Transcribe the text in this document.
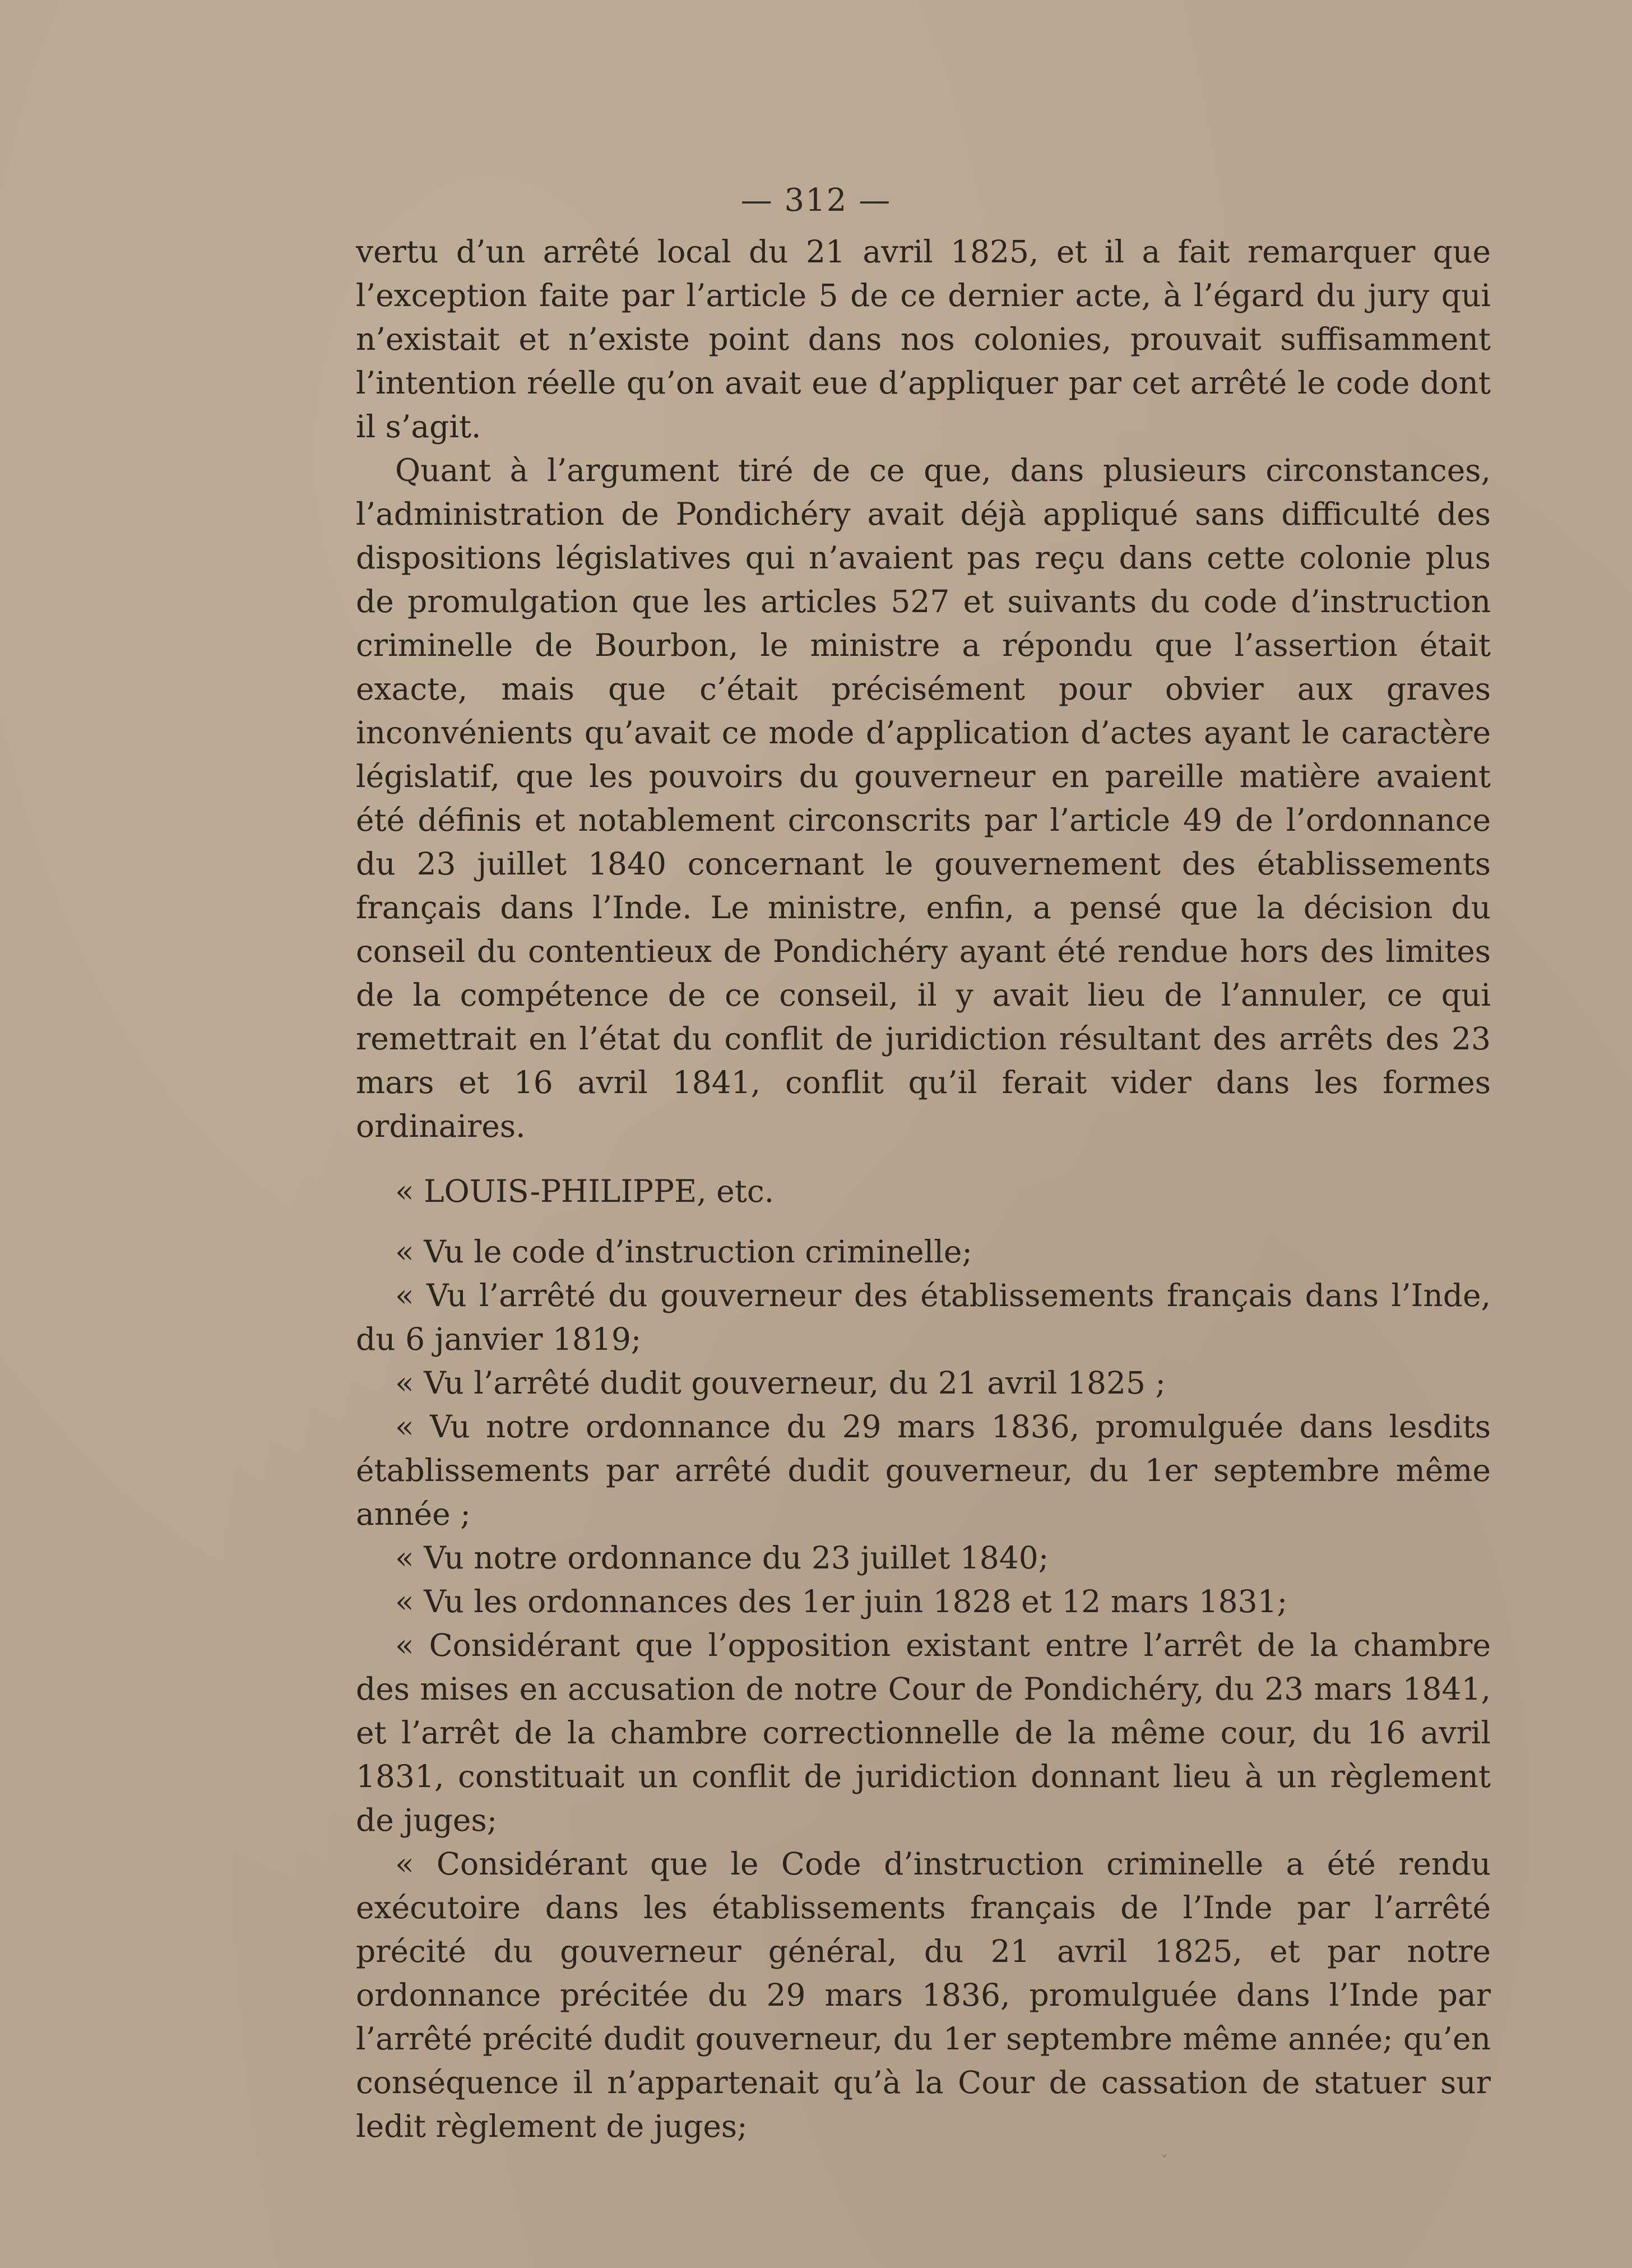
— 312 —

vertu d’un arrêté local du 21 avril 1825, et il a fait remarquer que l’exception faite par l’article 5 de ce dernier acte, à l’égard du jury qui n’existait et n’existe point dans nos colonies, prouvait suffisamment l’intention réelle qu’on avait eue d’appliquer par cet arrêté le code dont il s’agit.

Quant à l’argument tiré de ce que, dans plusieurs circonstances, l’administration de Pondichéry avait déjà appliqué sans difficulté des dispositions législatives qui n’avaient pas reçu dans cette colonie plus de promulgation que les articles 527 et suivants du code d’instruction criminelle de Bourbon, le ministre a répondu que l’assertion était exacte, mais que c’était précisément pour obvier aux graves inconvénients qu’avait ce mode d’application d’actes ayant le caractère législatif, que les pouvoirs du gouverneur en pareille matière avaient été définis et notablement circonscrits par l’article 49 de l’ordonnance du 23 juillet 1840 concernant le gouvernement des établissements français dans l’Inde. Le ministre, enfin, a pensé que la décision du conseil du contentieux de Pondichéry ayant été rendue hors des limites de la compétence de ce conseil, il y avait lieu de l’annuler, ce qui remettrait en l’état du conflit de juridiction résultant des arrêts des 23 mars et 16 avril 1841, conflit qu’il ferait vider dans les formes ordinaires.

« LOUIS-PHILIPPE, etc.

« Vu le code d’instruction criminelle;

« Vu l’arrêté du gouverneur des établissements français dans l’Inde, du 6 janvier 1819;

« Vu l’arrêté dudit gouverneur, du 21 avril 1825 ;

« Vu notre ordonnance du 29 mars 1836, promulguée dans lesdits établissements par arrêté dudit gouverneur, du 1er septembre même année ;

« Vu notre ordonnance du 23 juillet 1840;

« Vu les ordonnances des 1er juin 1828 et 12 mars 1831;

« Considérant que l’opposition existant entre l’arrêt de la chambre des mises en accusation de notre Cour de Pondichéry, du 23 mars 1841, et l’arrêt de la chambre correctionnelle de la même cour, du 16 avril 1831, constituait un conflit de juridiction donnant lieu à un règlement de juges;

« Considérant que le Code d’instruction criminelle a été rendu exécutoire dans les établissements français de l’Inde par l’arrêté précité du gouverneur général, du 21 avril 1825, et par notre ordonnance précitée du 29 mars 1836, promulguée dans l’Inde par l’arrêté précité dudit gouverneur, du 1er septembre même année; qu’en conséquence il n’appartenait qu’à la Cour de cassation de statuer sur ledit règlement de juges;

ˇ
